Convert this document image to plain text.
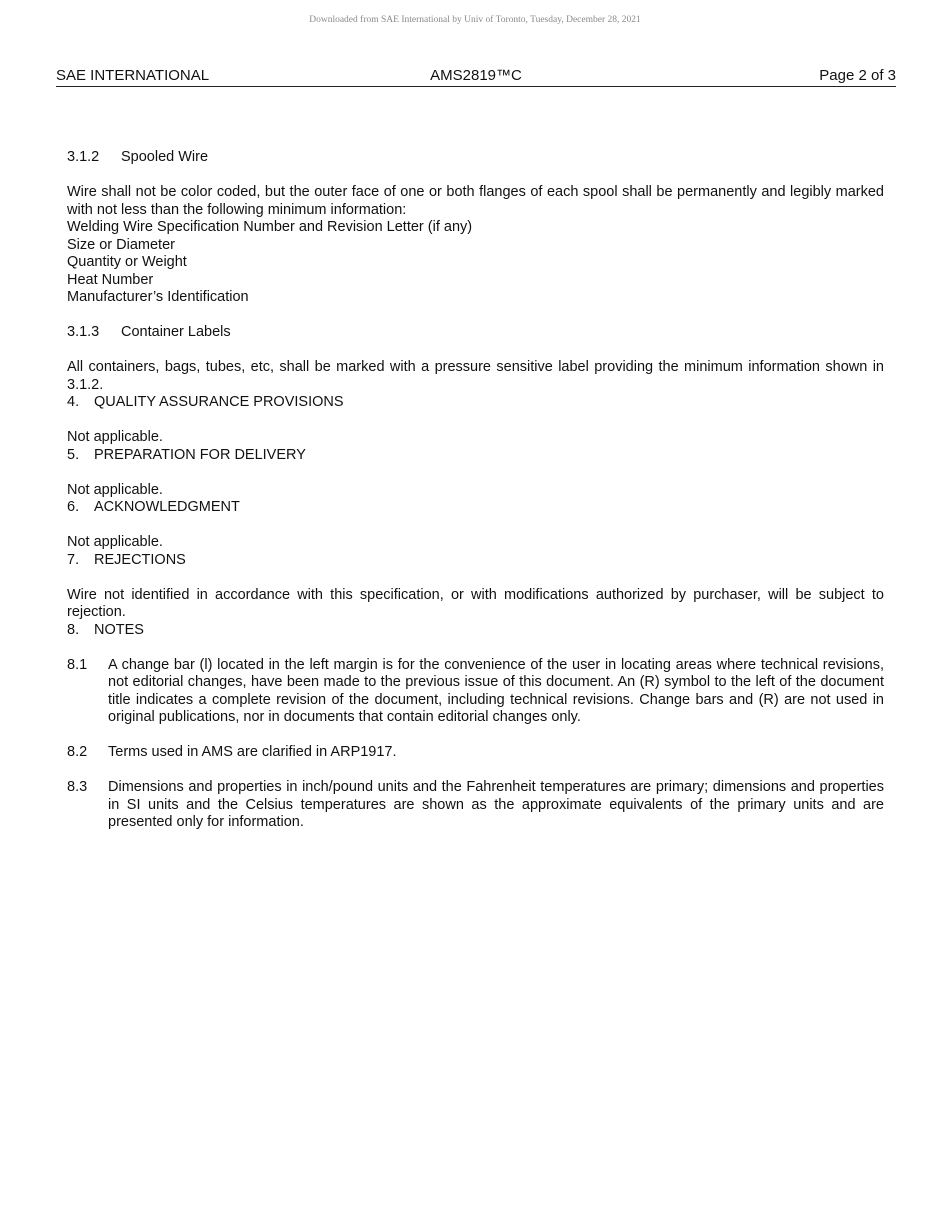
Downloaded from SAE International by Univ of Toronto, Tuesday, December 28, 2021
SAE INTERNATIONAL	AMS2819™C	Page 2 of 3
3.1.2	Spooled Wire

Wire shall not be color coded, but the outer face of one or both flanges of each spool shall be permanently and legibly marked with not less than the following minimum information:

Welding Wire Specification Number and Revision Letter (if any)
Size or Diameter
Quantity or Weight
Heat Number
Manufacturer’s Identification
3.1.3	Container Labels

All containers, bags, tubes, etc, shall be marked with a pressure sensitive label providing the minimum information shown in 3.1.2.

4.	QUALITY ASSURANCE PROVISIONS

Not applicable.

5.	PREPARATION FOR DELIVERY

Not applicable.

6.	ACKNOWLEDGMENT

Not applicable.

7.	REJECTIONS

Wire not identified in accordance with this specification, or with modifications authorized by purchaser, will be subject to rejection.

8.	NOTES
8.1	A change bar (l) located in the left margin is for the convenience of the user in locating areas where technical revisions, not editorial changes, have been made to the previous issue of this document. An (R) symbol to the left of the document title indicates a complete revision of the document, including technical revisions. Change bars and (R) are not used in original publications, nor in documents that contain editorial changes only.
8.2	Terms used in AMS are clarified in ARP1917.
8.3	Dimensions and properties in inch/pound units and the Fahrenheit temperatures are primary; dimensions and properties in SI units and the Celsius temperatures are shown as the approximate equivalents of the primary units and are presented only for information.
